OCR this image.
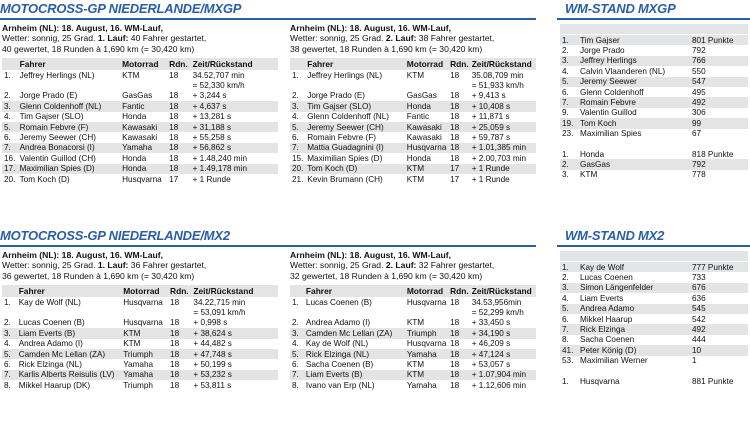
MOTOCROSS-GP NIEDERLANDE/MXGP
Arnheim (NL): 18. August, 16. WM-Lauf,
Wetter: sonnig, 25 Grad. 1. Lauf: 40 Fahrer gestartet,
40 gewertet, 18 Runden à 1,690 km (= 30,420 km)
	Fahrer	Motorrad	Rdn.	Zeit/Rückstand
1.	Jeffrey Herlings (NL)	KTM	18	34.52,707 min
				= 52,330 km/h
2.	Jorge Prado (E)	GasGas	18	+ 3,244 s
3.	Glenn Coldenhoff (NL)	Fantic	18	+ 4,637 s
4.	Tim Gajser (SLO)	Honda	18	+ 13,281 s
5.	Romain Febvre (F)	Kawasaki	18	+ 31,188 s
6.	Jeremy Seewer (CH)	Kawasaki	18	+ 55,258 s
7.	Andrea Bonacorsi (I)	Yamaha	18	+ 56,862 s
16.	Valentin Guillod (CH)	Honda	18	+ 1.48,240 min
17.	Maximilian Spies (D)	Honda	18	+ 1.49,178 min
20.	Tom Koch (D)	Husqvarna	17	+ 1 Runde
Arnheim (NL): 18. August, 16. WM-Lauf,
Wetter: sonnig, 25 Grad. 2. Lauf: 38 Fahrer gestartet,
38 gewertet, 18 Runden à 1,690 km (= 30,420 km)
	Fahrer	Motorrad	Rdn.	Zeit/Rückstand
1.	Jeffrey Herlings (NL)	KTM	18	35.08,709 min
				= 51,933 km/h
2.	Jorge Prado (E)	GasGas	18	+ 9,413 s
3.	Tim Gajser (SLO)	Honda	18	+ 10,408 s
4.	Glenn Coldenhoff (NL)	Fantic	18	+ 11,871 s
5.	Jeremy Seewer (CH)	Kawasaki	18	+ 25,059 s
6.	Romain Febvre (F)	Kawasaki	18	+ 59,787 s
7.	Mattia Guadagnini (I)	Husqvarna	18	+ 1.01,385 min
15.	Maximilian Spies (D)	Honda	18	+ 2.00,703 min
20.	Tom Koch (D)	KTM	17	+ 1 Runde
21.	Kevin Brumann (CH)	KTM	17	+ 1 Runde
MOTOCROSS-GP NIEDERLANDE/MX2
Arnheim (NL): 18. August, 16. WM-Lauf,
Wetter: sonnig, 25 Grad. 1. Lauf: 36 Fahrer gestartet,
36 gewertet, 18 Runden à 1,690 km (= 30,420 km)
	Fahrer	Motorrad	Rdn.	Zeit/Rückstand
1.	Kay de Wolf (NL)	Husqvarna	18	34.22,715 min
				= 53,091 km/h
2.	Lucas Coenen (B)	Husqvarna	18	+ 0,998 s
3.	Liam Everts (B)	KTM	18	+ 38,624 s
4.	Andrea Adamo (I)	KTM	18	+ 44,482 s
5.	Camden Mc Lellan (ZA)	Triumph	18	+ 47,748 s
6.	Rick Elzinga (NL)	Yamaha	18	+ 50,199 s
7.	Karlis Alberts Reisulis (LV)	Yamaha	18	+ 53,232 s
8.	Mikkel Haarup (DK)	Triumph	18	+ 53,811 s
Arnheim (NL): 18. August, 16. WM-Lauf,
Wetter: sonnig, 25 Grad. 2. Lauf: 32 Fahrer gestartet,
32 gewertet, 18 Runden à 1,690 km (= 30,420 km)
	Fahrer	Motorrad	Rdn.	Zeit/Rückstand
1.	Lucas Coenen (B)	Husqvarna	18	34.53,956min
				= 52,299 km/h
2.	Andrea Adamo (I)	KTM	18	+ 33,450 s
3.	Camden Mc Lellan (ZA)	Triumph	18	+ 34,190 s
4.	Kay de Wolf (NL)	Husqvarna	18	+ 46,209 s
5.	Rick Elzinga (NL)	Yamaha	18	+ 47,124 s
6.	Sacha Coenen (B)	KTM	18	+ 53,057 s
7.	Liam Everts (B)	KTM	18	+ 1.07,904 min
8.	Ivano van Erp (NL)	Yamaha	18	+ 1.12,606 min
WM-STAND MXGP
1.	Tim Gajser	801 Punkte
2.	Jorge Prado	792
3.	Jeffrey Herlings	766
4.	Calvin Vlaanderen (NL)	550
5.	Jeremy Seewer	547
6.	Glenn Coldenhoff	495
7.	Romain Febvre	492
9.	Valentin Guillod	306
19.	Tom Koch	99
23.	Maximilian Spies	67

1.	Honda	818 Punkte
2.	GasGas	792
3.	KTM	778
WM-STAND MX2
1.	Kay de Wolf	777 Punkte
2.	Lucas Coenen	733
3.	Simon Längenfelder	676
4.	Liam Everts	636
5.	Andrea Adamo	545
6.	Mikkel Haarup	542
7.	Rick Elzinga	492
8.	Sacha Coenen	444
41.	Peter König (D)	10
53.	Maximilian Werner	1

1.	Husqvarna	881 Punkte
